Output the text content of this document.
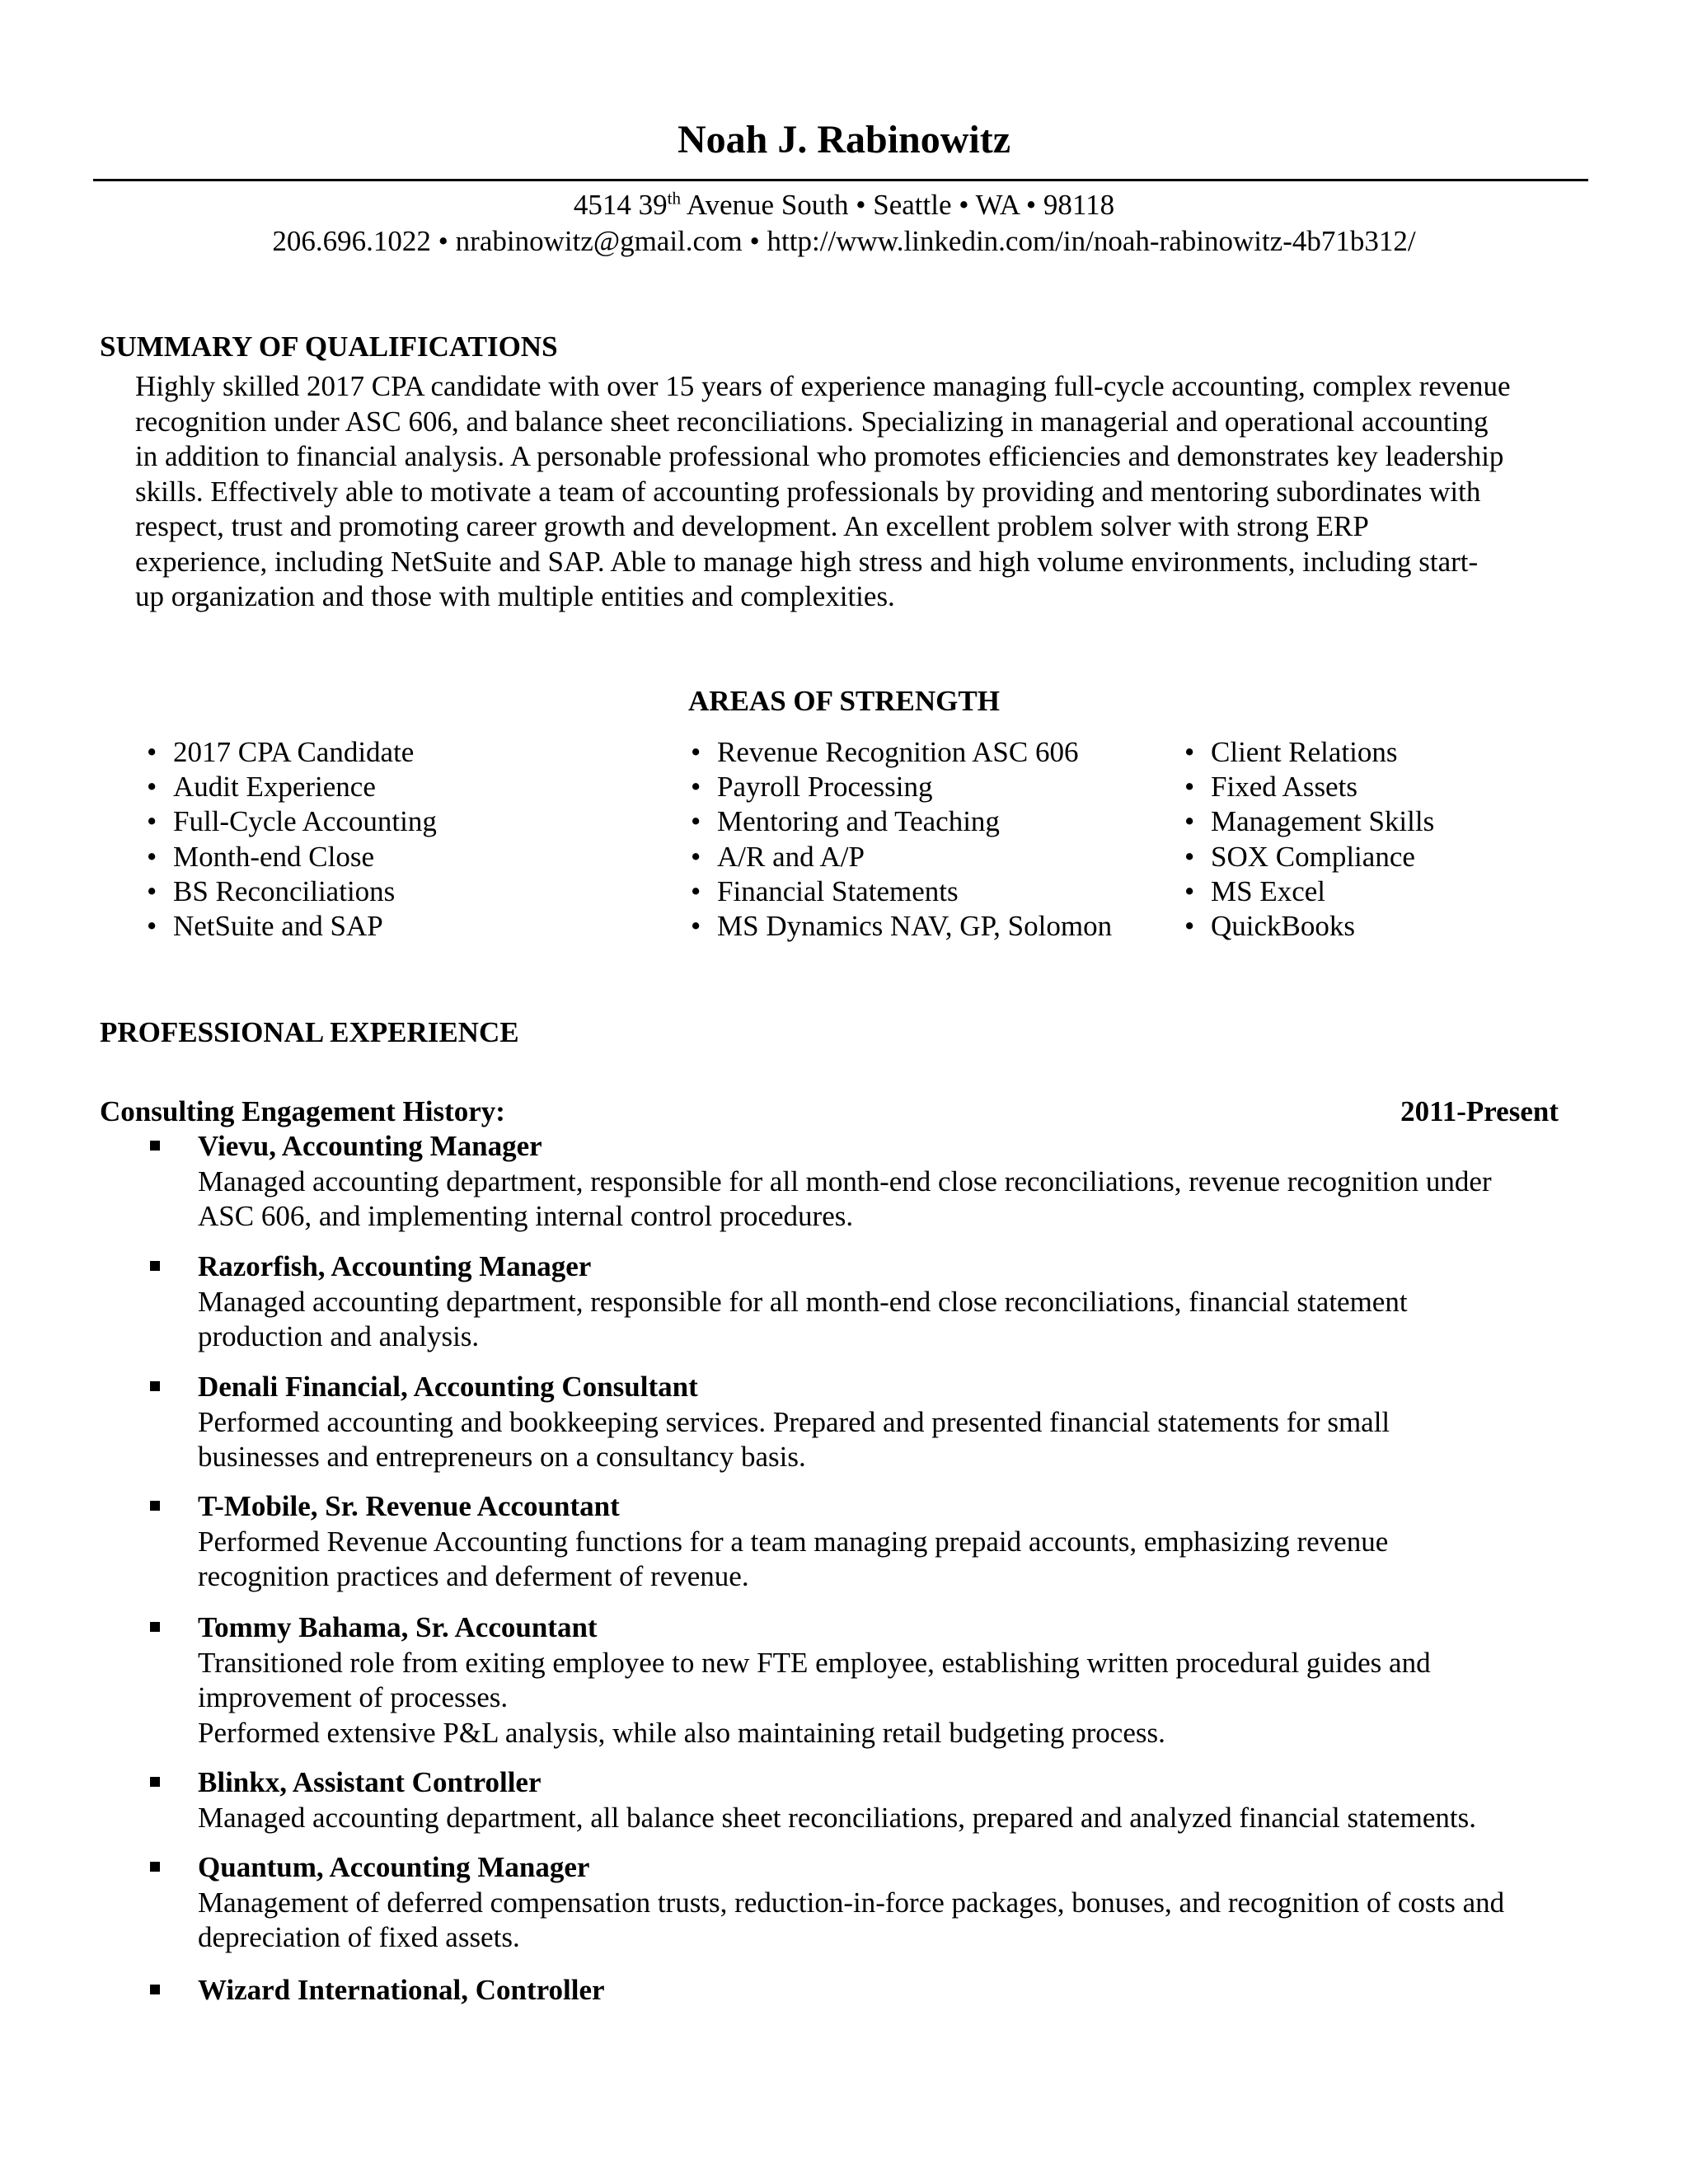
Noah J. Rabinowitz
4514 39th Avenue South • Seattle • WA • 98118
206.696.1022 • nrabinowitz@gmail.com • http://www.linkedin.com/in/noah-rabinowitz-4b71b312/
SUMMARY OF QUALIFICATIONS
Highly skilled 2017 CPA candidate with over 15 years of experience managing full-cycle accounting, complex revenue
recognition under ASC 606, and balance sheet reconciliations. Specializing in managerial and operational accounting
in addition to financial analysis. A personable professional who promotes efficiencies and demonstrates key leadership
skills. Effectively able to motivate a team of accounting professionals by providing and mentoring subordinates with
respect, trust and promoting career growth and development. An excellent problem solver with strong ERP
experience, including NetSuite and SAP. Able to manage high stress and high volume environments, including start-
up organization and those with multiple entities and complexities.
AREAS OF STRENGTH
• 2017 CPA Candidate
• Audit Experience
• Full-Cycle Accounting
• Month-end Close
• BS Reconciliations
• NetSuite and SAP
• Revenue Recognition ASC 606
• Payroll Processing
• Mentoring and Teaching
• A/R and A/P
• Financial Statements
• MS Dynamics NAV, GP, Solomon
• Client Relations
• Fixed Assets
• Management Skills
• SOX Compliance
• MS Excel
• QuickBooks
PROFESSIONAL EXPERIENCE
Consulting Engagement History:	2011-Present
Vievu, Accounting Manager
Managed accounting department, responsible for all month-end close reconciliations, revenue recognition under
ASC 606, and implementing internal control procedures.
Razorfish, Accounting Manager
Managed accounting department, responsible for all month-end close reconciliations, financial statement
production and analysis.
Denali Financial, Accounting Consultant
Performed accounting and bookkeeping services. Prepared and presented financial statements for small
businesses and entrepreneurs on a consultancy basis.
T-Mobile, Sr. Revenue Accountant
Performed Revenue Accounting functions for a team managing prepaid accounts, emphasizing revenue
recognition practices and deferment of revenue.
Tommy Bahama, Sr. Accountant
Transitioned role from exiting employee to new FTE employee, establishing written procedural guides and
improvement of processes.
Performed extensive P&L analysis, while also maintaining retail budgeting process.
Blinkx, Assistant Controller
Managed accounting department, all balance sheet reconciliations, prepared and analyzed financial statements.
Quantum, Accounting Manager
Management of deferred compensation trusts, reduction-in-force packages, bonuses, and recognition of costs and
depreciation of fixed assets.
Wizard International, Controller
